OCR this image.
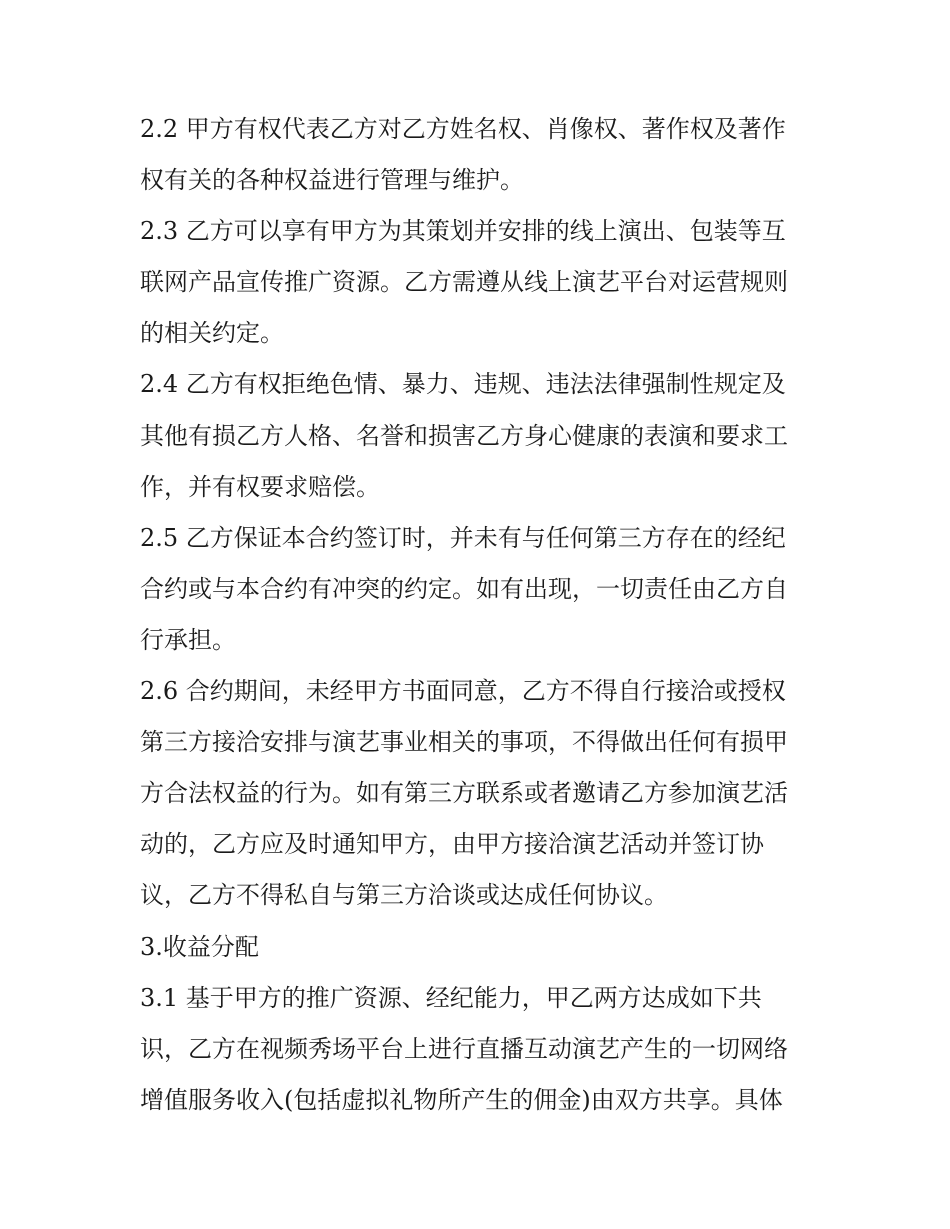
2.2 甲方有权代表乙方对乙方姓名权、肖像权、著作权及著作
权有关的各种权益进行管理与维护。
2.3 乙方可以享有甲方为其策划并安排的线上演出、包装等互
联网产品宣传推广资源。乙方需遵从线上演艺平台对运营规则
的相关约定。
2.4 乙方有权拒绝色情、暴力、违规、违法法律强制性规定及
其他有损乙方人格、名誉和损害乙方身心健康的表演和要求工
作，并有权要求赔偿。
2.5 乙方保证本合约签订时，并未有与任何第三方存在的经纪
合约或与本合约有冲突的约定。如有出现，一切责任由乙方自
行承担。
2.6 合约期间，未经甲方书面同意，乙方不得自行接洽或授权
第三方接洽安排与演艺事业相关的事项，不得做出任何有损甲
方合法权益的行为。如有第三方联系或者邀请乙方参加演艺活
动的，乙方应及时通知甲方，由甲方接洽演艺活动并签订协
议，乙方不得私自与第三方洽谈或达成任何协议。
3.收益分配
3.1 基于甲方的推广资源、经纪能力，甲乙两方达成如下共
识，乙方在视频秀场平台上进行直播互动演艺产生的一切网络
增值服务收入(包括虚拟礼物所产生的佣金)由双方共享。具体
